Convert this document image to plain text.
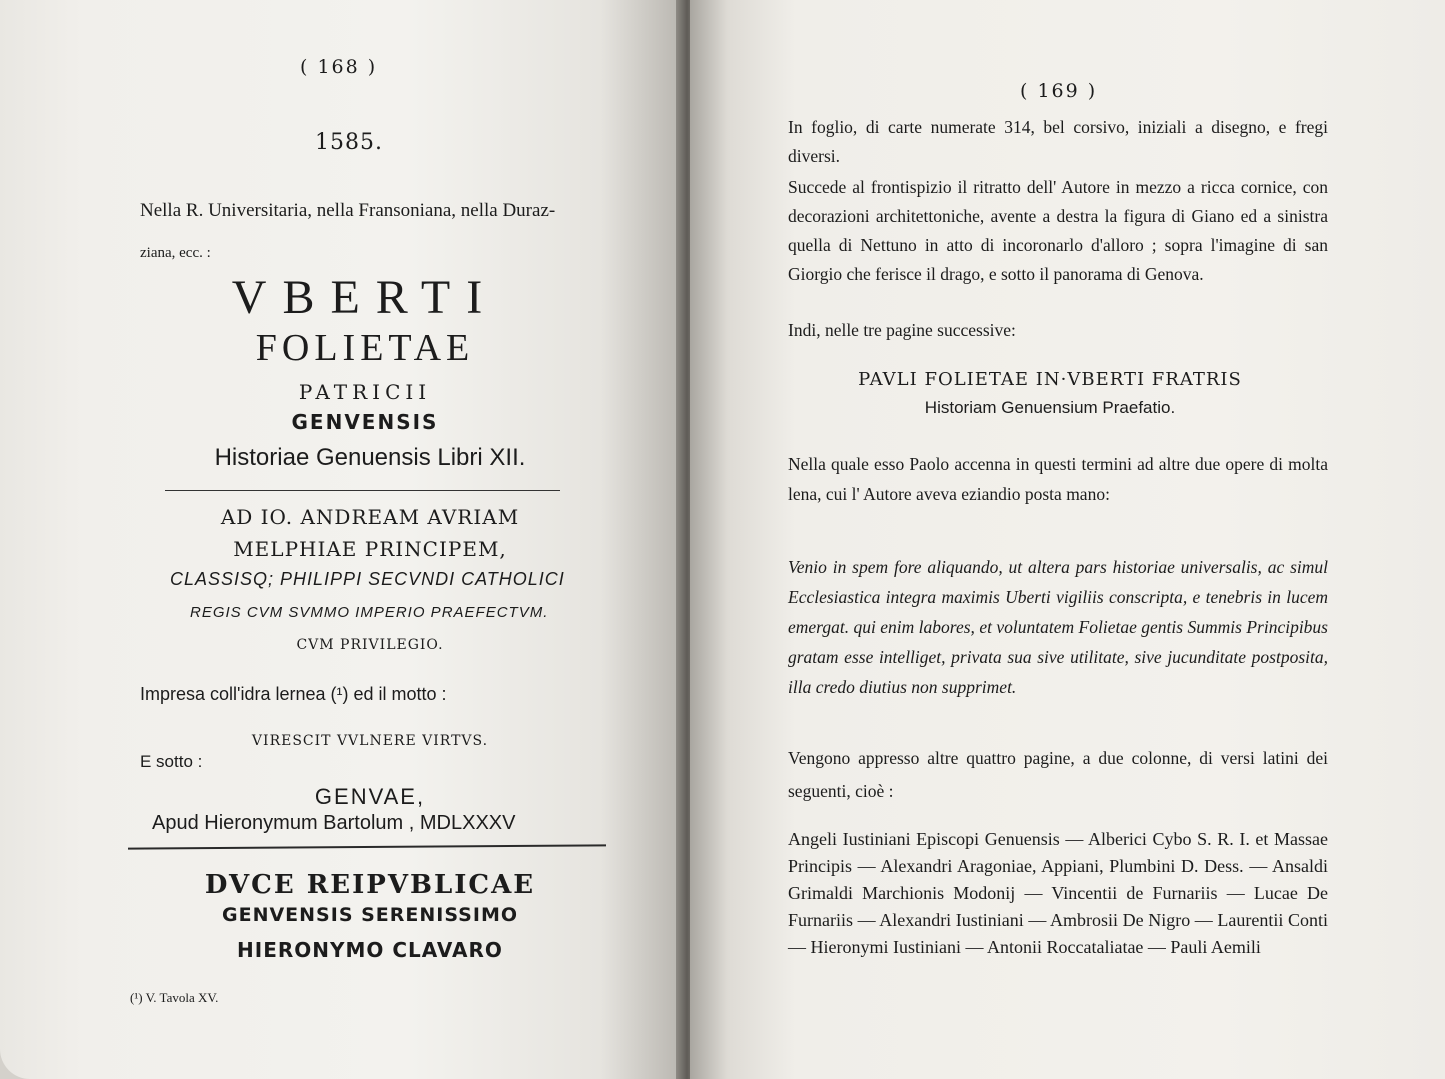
( 168 )
1585.
Nella R. Universitaria, nella Fransoniana, nella Duraz-
ziana, ecc. :
VBERTI
FOLIETAE
PATRICII
GENVENSIS
Historiae Genuensis Libri XII.
AD IO. ANDREAM AVRIAM
MELPHIAE PRINCIPEM,
CLASSISQ; PHILIPPI SECVNDI CATHOLICI
REGIS CVM SVMMO IMPERIO PRAEFECTVM.
CVM PRIVILEGIO.
Impresa coll'idra lernea (¹) ed il motto :
VIRESCIT VVLNERE VIRTVS.
E sotto :
GENVAE,
Apud Hieronymum Bartolum , MDLXXXV
DVCE REIPVBLICAE
GENVENSIS SERENISSIMO
HIERONYMO CLAVARO
(¹) V. Tavola XV.
( 169 )
In foglio, di carte numerate 314, bel corsivo, iniziali a disegno, e fregi diversi.
Succede al frontispizio il ritratto dell' Autore in mezzo a ricca cornice, con decorazioni architettoniche, avente a destra la figura di Giano ed a sinistra quella di Nettuno in atto di incoronarlo d'alloro ; sopra l'imagine di san Giorgio che ferisce il drago, e sotto il panorama di Genova.
Indi, nelle tre pagine successive:
PAVLI FOLIETAE IN·VBERTI FRATRIS
Historiam Genuensium Praefatio.
Nella quale esso Paolo accenna in questi termini ad altre due opere di molta lena, cui l' Autore aveva eziandio posta mano:
Venio in spem fore aliquando, ut altera pars historiae universalis, ac simul Ecclesiastica integra maximis Uberti vigiliis conscripta, e tenebris in lucem emergat. qui enim labores, et voluntatem Folietae gentis Summis Principibus gratam esse intelliget, privata sua sive utilitate, sive jucunditate postposita, illa credo diutius non supprimet.
Vengono appresso altre quattro pagine, a due colonne, di versi latini dei seguenti, cioè :
Angeli Iustiniani Episcopi Genuensis — Alberici Cybo S. R. I. et Massae Principis — Alexandri Aragoniae, Appiani, Plumbini D. Dess. — Ansaldi Grimaldi Marchionis Modonij — Vincentii de Furnariis — Lucae De Furnariis — Alexandri Iustiniani — Ambrosii De Nigro — Laurentii Conti — Hieronymi Iustiniani — Antonii Roccataliatae — Pauli Aemili
